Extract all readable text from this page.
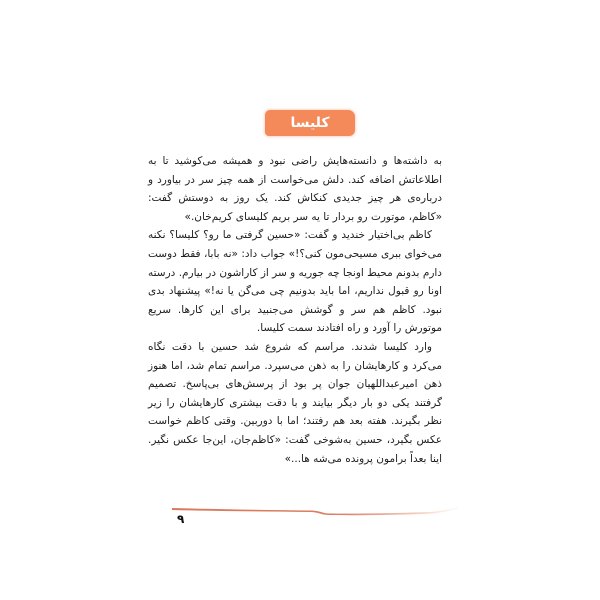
کلیسا

به داشته‌ها و دانسته‌هایش راضی نبود و همیشه می‌کوشید تا به اطلاعاتش اضافه کند. دلش می‌خواست از همه چیز سر در بیاورد و درباره‌ی هر چیز جدیدی کنکاش کند. یک روز به دوستش گفت: «کاظم، موتورت رو بردار تا یه سر بریم کلیسای کریم‌خان.»

کاظم بی‌اختیار خندید و گفت: «حسین گرفتی ما رو؟ کلیسا؟ نکنه می‌خوای ببری مسیحی‌مون کنی؟!» جواب داد: «نه بابا، فقط دوست دارم بدونم محیط اونجا چه جوریه و سر از کاراشون در بیارم. درسته اونا رو قبول نداریم، اما باید بدونیم چی می‌گن یا نه!» پیشنهاد بدی نبود. کاظم هم سر و گوشش می‌جنبید برای این کارها. سریع موتورش را آورد و راه افتادند سمت کلیسا.

وارد کلیسا شدند. مراسم که شروع شد حسین با دقت نگاه می‌کرد و کارهایشان را به ذهن می‌سپرد. مراسم تمام شد، اما هنوز ذهن امیرعبداللهیان جوان پر بود از پرسش‌های بی‌پاسخ. تصمیم گرفتند یکی دو بار دیگر بیایند و با دقت بیشتری کارهایشان را زیر نظر بگیرند. هفته بعد هم رفتند؛ اما با دوربین. وقتی کاظم خواست عکس بگیرد، حسین به‌شوخی گفت: «کاظم‌جان، این‌جا عکس نگیر. اینا بعداً برامون پرونده می‌شه ها...»

۹
